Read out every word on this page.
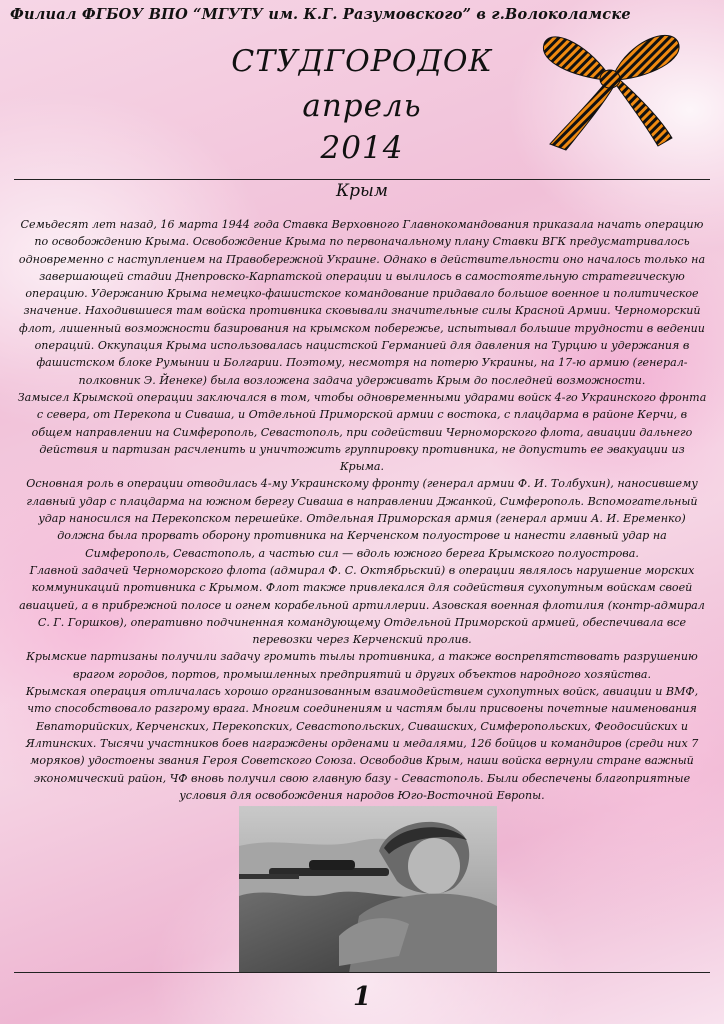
Филиал ФГБОУ ВПО “МГУТУ им. К.Г. Разумовского” в г.Волоколамске
СТУДГОРОДОК
апрель
2014
Крым

Семьдесят лет назад, 16 марта 1944 года Ставка Верховного Главнокомандования приказала начать операцию по освобождению Крыма. Освобождение Крыма по первоначальному плану Ставки ВГК предусматривалось одновременно с наступлением на Правобережной Украине. Однако в действительности оно началось только на завершающей стадии Днепровско-Карпатской операции и вылилось в самостоятельную стратегическую операцию. Удержанию Крыма немецко-фашистское командование придавало большое военное и политическое значение. Находившиеся там войска противника сковывали значительные силы Красной Армии. Черноморский флот, лишенный возможности базирования на крымском побережье, испытывал большие трудности в ведении операций. Оккупация Крыма использовалась нацистской Германией для давления на Турцию и удержания в фашистском блоке Румынии и Болгарии. Поэтому, несмотря на потерю Украины, на 17-ю армию (генерал-полковник Э. Йенеке) была возложена задача удерживать Крым до последней возможности.

Замысел Крымской операции заключался в том, чтобы одновременными ударами войск 4-го Украинского фронта с севера, от Перекопа и Сиваша, и Отдельной Приморской армии с востока, с плацдарма в районе Керчи, в общем направлении на Симферополь, Севастополь, при содействии Черноморского флота, авиации дальнего действия и партизан расчленить и уничтожить группировку противника, не допустить ее эвакуации из Крыма.

Основная роль в операции отводилась 4-му Украинскому фронту (генерал армии Ф. И. Толбухин), наносившему главный удар с плацдарма на южном берегу Сиваша в направлении Джанкой, Симферополь. Вспомогательный удар наносился на Перекопском перешейке. Отдельная Приморская армия (генерал армии А. И. Еременко) должна была прорвать оборону противника на Керченском полуострове и нанести главный удар на Симферополь, Севастополь, а частью сил — вдоль южного берега Крымского полуострова.

Главной задачей Черноморского флота (адмирал Ф. С. Октябрьский) в операции являлось нарушение морских коммуникаций противника с Крымом. Флот также привлекался для содействия сухопутным войскам своей авиацией, а в прибрежной полосе и огнем корабельной артиллерии. Азовская военная флотилия (контр-адмирал С. Г. Горшков), оперативно подчиненная командующему Отдельной Приморской армией, обеспечивала все перевозки через Керченский пролив.

Крымские партизаны получили задачу громить тылы противника, а также воспрепятствовать разрушению врагом городов, портов, промышленных предприятий и других объектов народного хозяйства.

Крымская операция отличалась хорошо организованным взаимодействием сухопутных войск, авиации и ВМФ, что способствовало разгрому врага. Многим соединениям и частям были присвоены почетные наименования Евпаторийских, Керченских, Перекопских, Севастопольских, Сивашских, Симферопольских, Феодосийских и Ялтинских. Тысячи участников боев награждены орденами и медалями, 126 бойцов и командиров (среди них 7 моряков) удостоены звания Героя Советского Союза. Освободив Крым, наши войска вернули стране важный экономический район, ЧФ вновь получил свою главную базу - Севастополь. Были обеспечены благоприятные условия для освобождения народов Юго-Восточной Европы.

1
